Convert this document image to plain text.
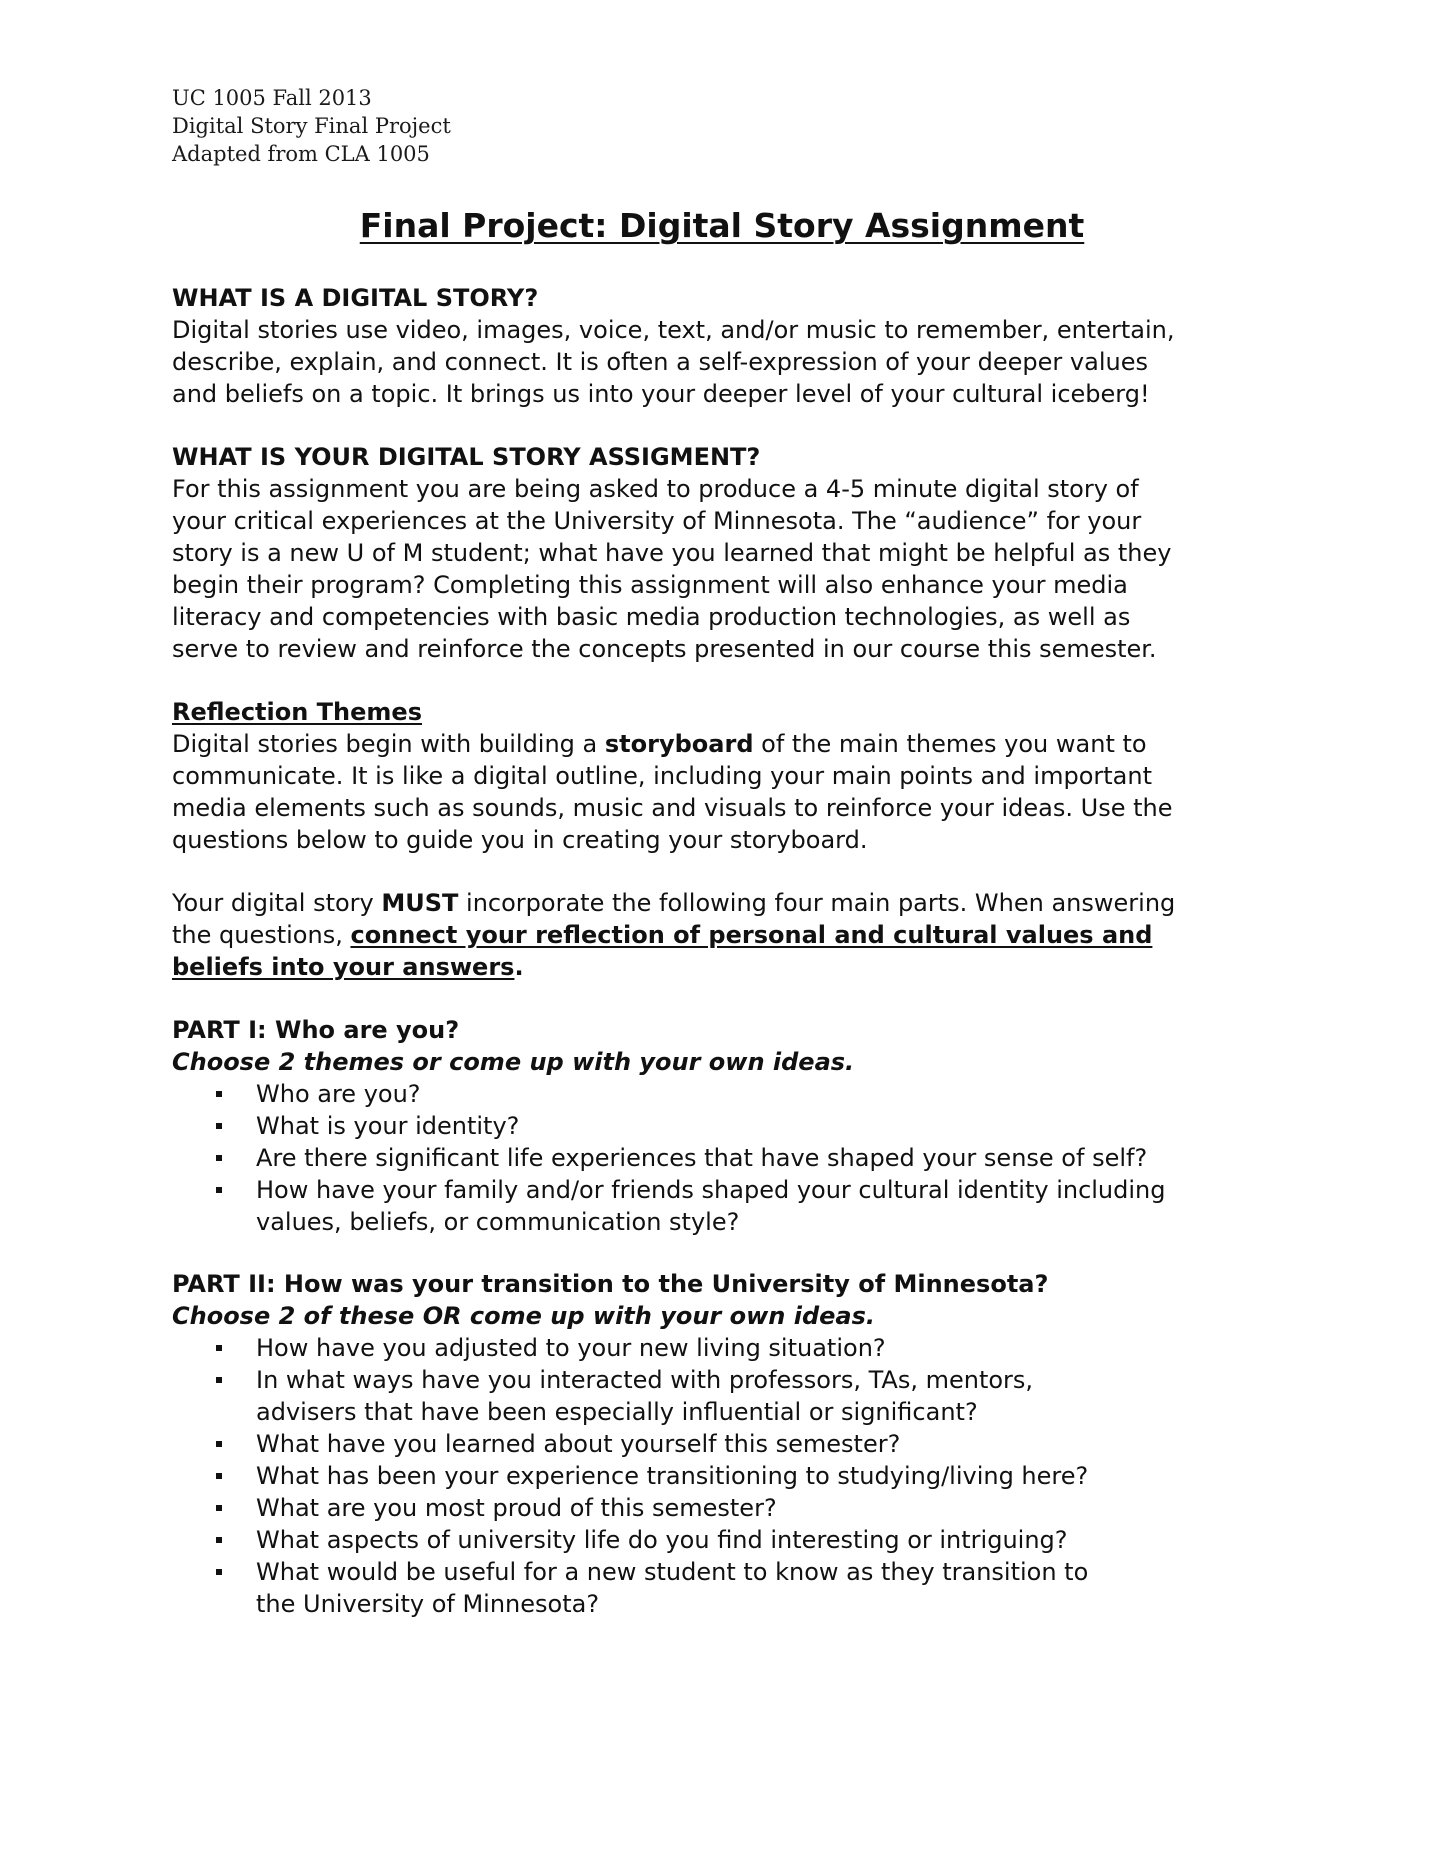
UC 1005 Fall 2013
Digital Story Final Project
Adapted from CLA 1005
Final Project: Digital Story Assignment

WHAT IS A DIGITAL STORY?

Digital stories use video, images, voice, text, and/or music to remember, entertain,

describe, explain, and connect. It is often a self-expression of your deeper values

and beliefs on a topic. It brings us into your deeper level of your cultural iceberg!

WHAT IS YOUR DIGITAL STORY ASSIGMENT?

For this assignment you are being asked to produce a 4-5 minute digital story of

your critical experiences at the University of Minnesota. The “audience” for your

story is a new U of M student; what have you learned that might be helpful as they

begin their program? Completing this assignment will also enhance your media

literacy and competencies with basic media production technologies, as well as

serve to review and reinforce the concepts presented in our course this semester.

Reflection Themes

Digital stories begin with building a storyboard of the main themes you want to

communicate. It is like a digital outline, including your main points and important

media elements such as sounds, music and visuals to reinforce your ideas. Use the

questions below to guide you in creating your storyboard.

Your digital story MUST incorporate the following four main parts. When answering

the questions, connect your reflection of personal and cultural values and

beliefs into your answers.

PART I: Who are you?

Choose 2 themes or come up with your own ideas.

Who are you?
What is your identity?
Are there significant life experiences that have shaped your sense of self?
How have your family and/or friends shaped your cultural identity including
values, beliefs, or communication style?

PART II: How was your transition to the University of Minnesota?

Choose 2 of these OR come up with your own ideas.

How have you adjusted to your new living situation?
In what ways have you interacted with professors, TAs, mentors,
advisers that have been especially influential or significant?
What have you learned about yourself this semester?
What has been your experience transitioning to studying/living here?
What are you most proud of this semester?
What aspects of university life do you find interesting or intriguing?
What would be useful for a new student to know as they transition to
the University of Minnesota?
